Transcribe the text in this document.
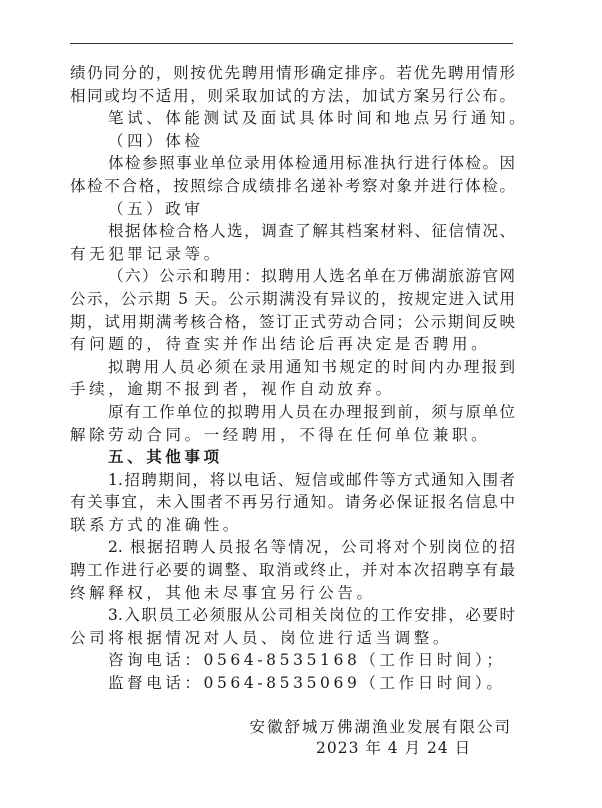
绩仍同分的，则按优先聘用情形确定排序。若优先聘用情形
相同或均不适用，则采取加试的方法，加试方案另行公布。
笔试、体能测试及面试具体时间和地点另行通知。
（四）体检
体检参照事业单位录用体检通用标准执行进行体检。因
体检不合格，按照综合成绩排名递补考察对象并进行体检。
（五）政审
根据体检合格人选，调查了解其档案材料、征信情况、
有无犯罪记录等。
（六）公示和聘用：拟聘用人选名单在万佛湖旅游官网
公示，公示期 5 天。公示期满没有异议的，按规定进入试用
期，试用期满考核合格，签订正式劳动合同；公示期间反映
有问题的，待查实并作出结论后再决定是否聘用。
拟聘用人员必须在录用通知书规定的时间内办理报到
手续，逾期不报到者，视作自动放弃。
原有工作单位的拟聘用人员在办理报到前，须与原单位
解除劳动合同。一经聘用，不得在任何单位兼职。
五、其他事项
1.招聘期间，将以电话、短信或邮件等方式通知入围者
有关事宜，未入围者不再另行通知。请务必保证报名信息中
联系方式的准确性。
2. 根据招聘人员报名等情况，公司将对个别岗位的招
聘工作进行必要的调整、取消或终止，并对本次招聘享有最
终解释权，其他未尽事宜另行公告。
3.入职员工必须服从公司相关岗位的工作安排，必要时
公司将根据情况对人员、岗位进行适当调整。
咨询电话：0564-8535168（工作日时间）；
监督电话：0564-8535069（工作日时间）。
安徽舒城万佛湖渔业发展有限公司
2023 年 4 月 24 日
